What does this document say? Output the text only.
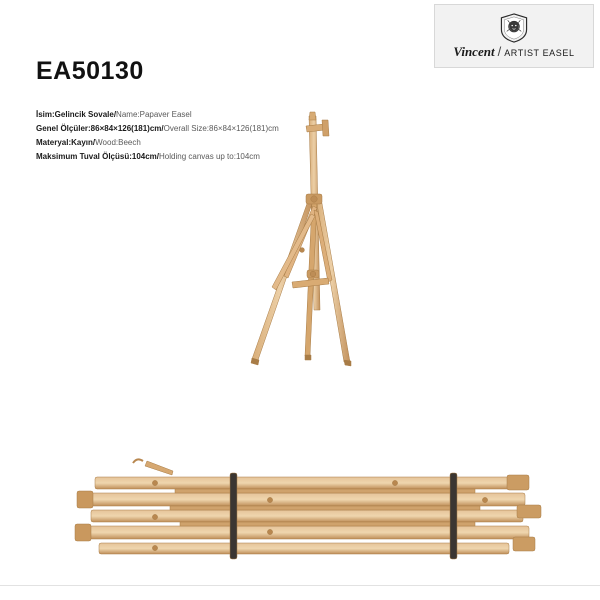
Vincent / ARTIST EASEL
EA50130
İsim:Gelincik Sovale/Name:Papaver Easel
Genel Ölçüler:86×84×126(181)cm/Overall Size:86×84×126(181)cm
Materyal:Kayın/Wood:Beech
Maksimum Tuval Ölçüsü:104cm/Holding canvas up to:104cm
